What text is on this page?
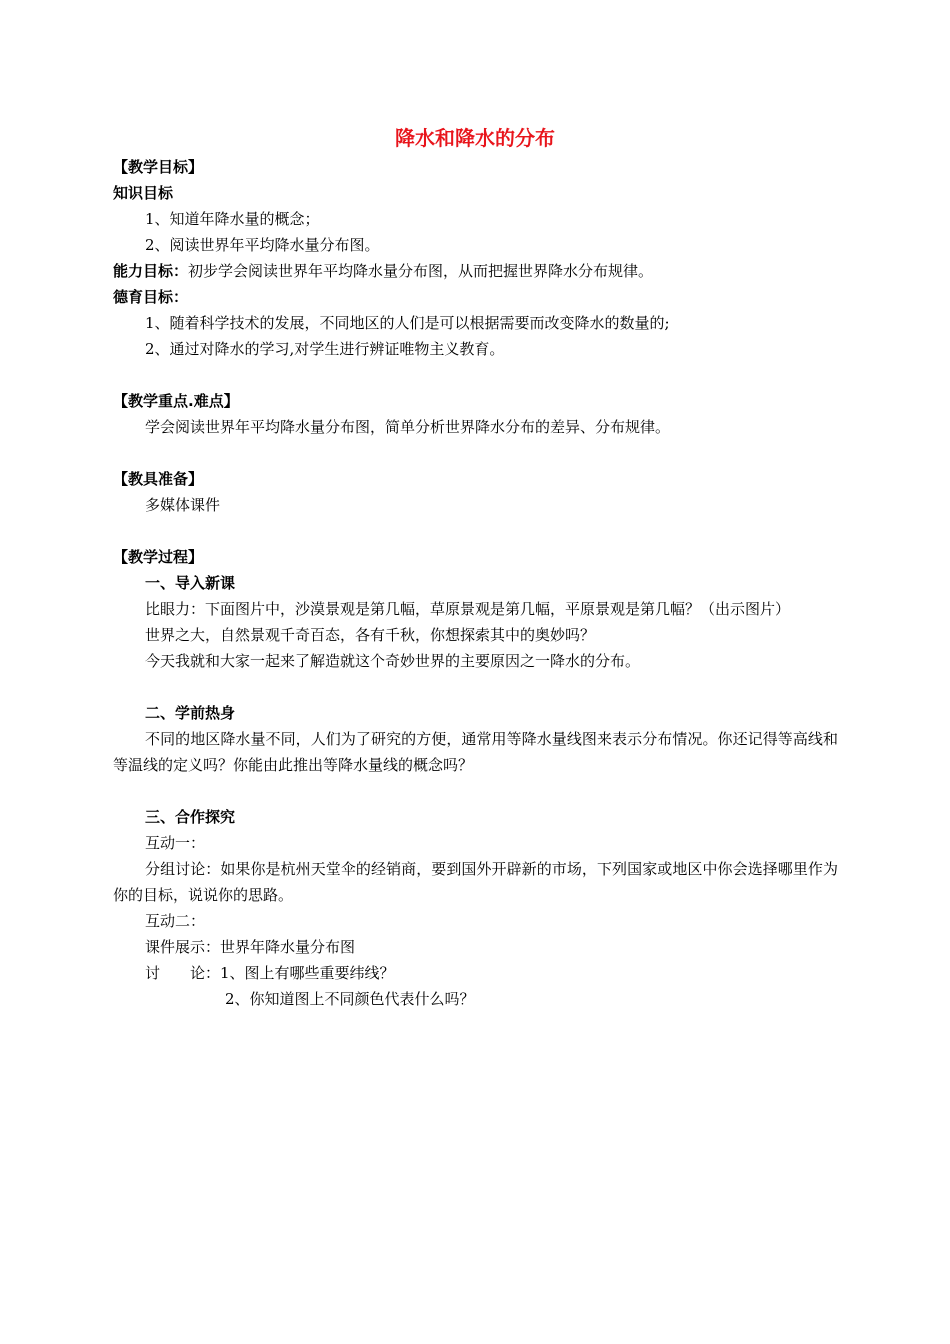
降水和降水的分布
【教学目标】
知识目标
1、知道年降水量的概念；
2、阅读世界年平均降水量分布图。
能力目标：初步学会阅读世界年平均降水量分布图，从而把握世界降水分布规律。
德育目标：
1、随着科学技术的发展，不同地区的人们是可以根据需要而改变降水的数量的;
2、通过对降水的学习,对学生进行辨证唯物主义教育。
【教学重点.难点】
学会阅读世界年平均降水量分布图，简单分析世界降水分布的差异、分布规律。
【教具准备】
多媒体课件
【教学过程】
一、导入新课
比眼力：下面图片中，沙漠景观是第几幅，草原景观是第几幅，平原景观是第几幅？（出示图片）
世界之大，自然景观千奇百态，各有千秋，你想探索其中的奥妙吗？
今天我就和大家一起来了解造就这个奇妙世界的主要原因之一降水的分布。
二、学前热身
不同的地区降水量不同，人们为了研究的方便，通常用等降水量线图来表示分布情况。你还记得等高线和等温线的定义吗？你能由此推出等降水量线的概念吗？
三、合作探究
互动一：
分组讨论：如果你是杭州天堂伞的经销商，要到国外开辟新的市场，下列国家或地区中你会选择哪里作为你的目标，说说你的思路。
互动二：
课件展示：世界年降水量分布图
讨　　论：1、图上有哪些重要纬线？
2、你知道图上不同颜色代表什么吗？
